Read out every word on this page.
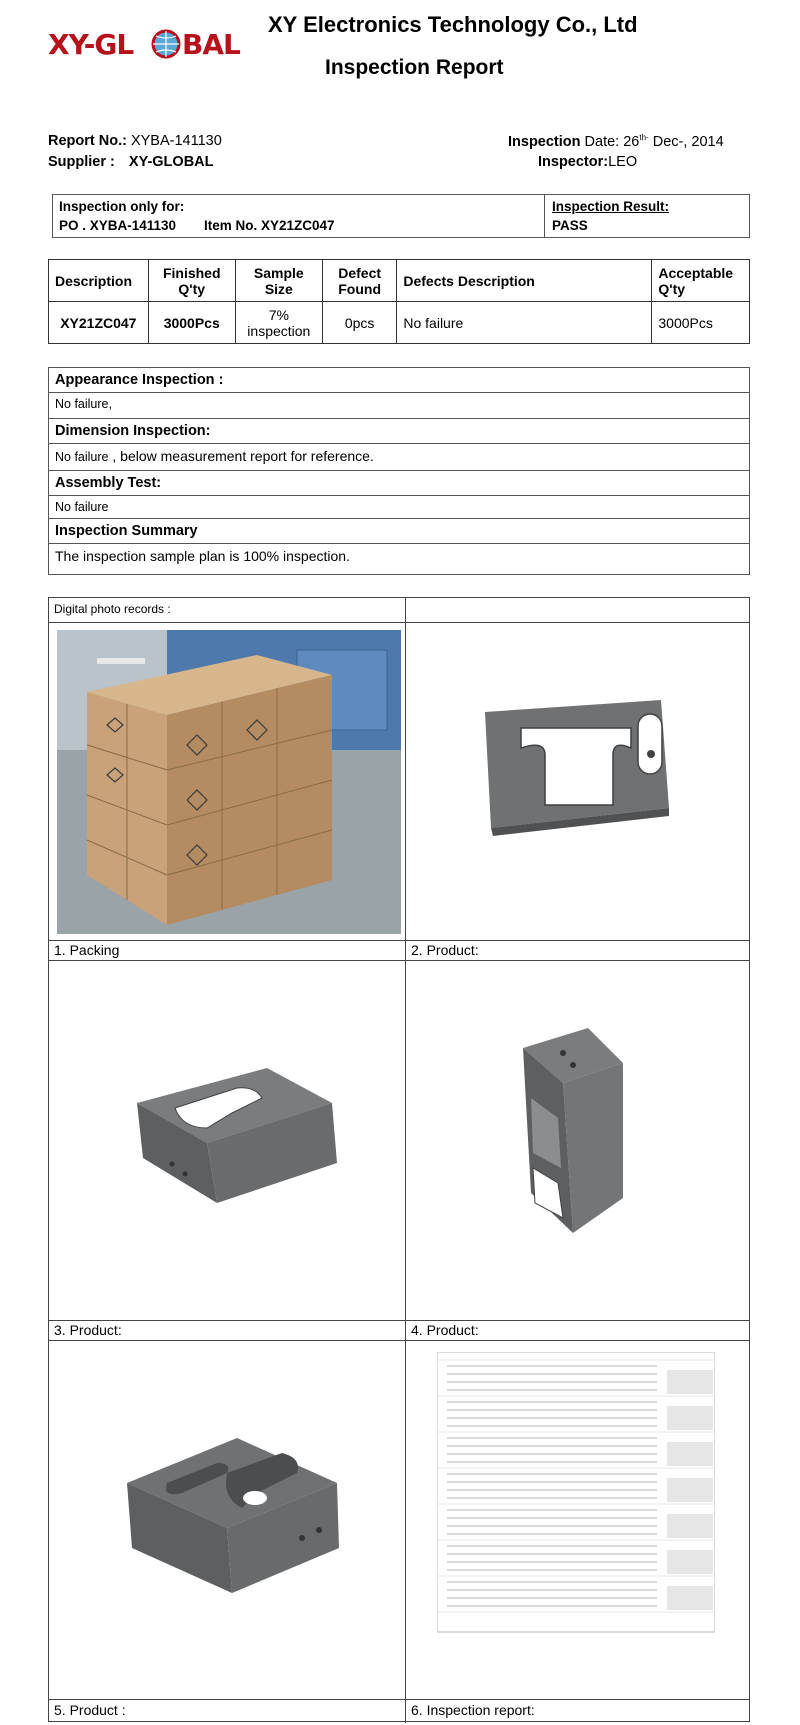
XY-GL BAL
XY Electronics Technology Co., Ltd
Inspection Report
Report No.: XYBA-141130
Supplier : XY-GLOBAL
Inspection Date: $26^{th-}$ Dec-, 2014
Inspector:LEO
Inspection only for:
PO . XYBA-141130 Item No. XY21ZC047
Inspection Result:
PASS
Description	Finished Q'ty	Sample Size	Defect Found	Defects Description	Acceptable Q'ty
XY21ZC047	3000Pcs	7% inspection	0pcs	No failure	3000Pcs
Appearance Inspection :
No failure,
Dimension Inspection:
No failure , below measurement report for reference.
Assembly Test:
No failure
Inspection Summary
The inspection sample plan is 100% inspection.
Digital photo records :
1. Packing	2. Product:
3. Product:	4. Product:
5. Product :	6. Inspection report:
